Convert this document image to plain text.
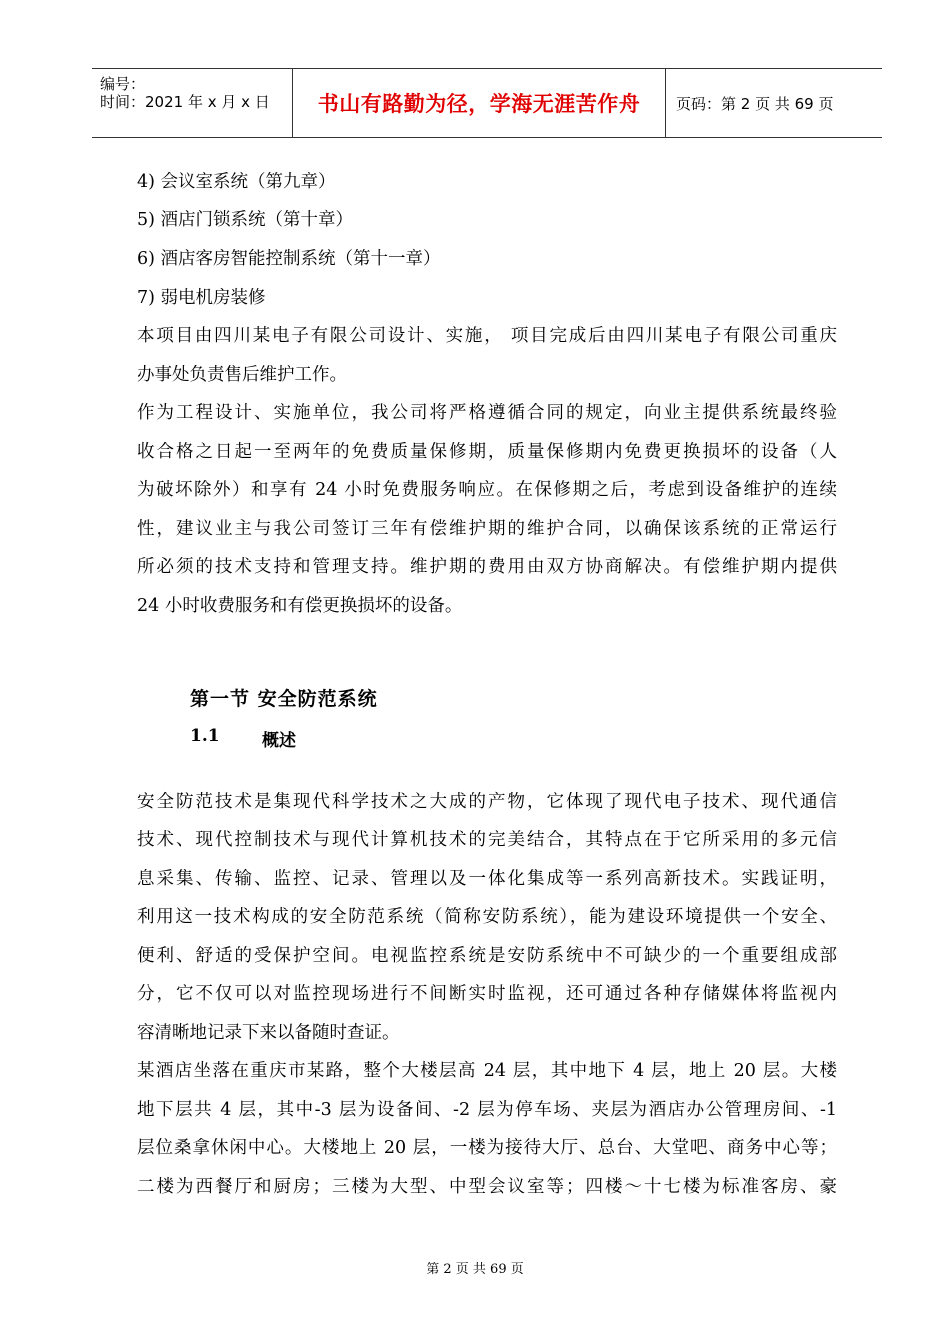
编号：
时间：2021 年 x 月 x 日 书山有路勤为径，学海无涯苦作舟 页码：第 2 页 共 69 页
4) 会议室系统（第九章）
5) 酒店门锁系统（第十章）
6) 酒店客房智能控制系统（第十一章）
7) 弱电机房装修
本项目由四川某电子有限公司设计、实施， 项目完成后由四川某电子有限公司重庆
办事处负责售后维护工作。
作为工程设计、实施单位，我公司将严格遵循合同的规定，向业主提供系统最终验
收合格之日起一至两年的免费质量保修期，质量保修期内免费更换损坏的设备（人
为破坏除外）和享有 24 小时免费服务响应。在保修期之后，考虑到设备维护的连续
性，建议业主与我公司签订三年有偿维护期的维护合同，以确保该系统的正常运行
所必须的技术支持和管理支持。维护期的费用由双方协商解决。有偿维护期内提供
24 小时收费服务和有偿更换损坏的设备。
第一节 安全防范系统
1.1 概述
安全防范技术是集现代科学技术之大成的产物，它体现了现代电子技术、现代通信
技术、现代控制技术与现代计算机技术的完美结合，其特点在于它所采用的多元信
息采集、传输、监控、记录、管理以及一体化集成等一系列高新技术。实践证明，
利用这一技术构成的安全防范系统（简称安防系统），能为建设环境提供一个安全、
便利、舒适的受保护空间。电视监控系统是安防系统中不可缺少的一个重要组成部
分，它不仅可以对监控现场进行不间断实时监视，还可通过各种存储媒体将监视内
容清晰地记录下来以备随时查证。
某酒店坐落在重庆市某路，整个大楼层高 24 层，其中地下 4 层，地上 20 层。大楼
地下层共 4 层，其中-3 层为设备间、-2 层为停车场、夹层为酒店办公管理房间、-1
层位桑拿休闲中心。大楼地上 20 层，一楼为接待大厅、总台、大堂吧、商务中心等；
二楼为西餐厅和厨房；三楼为大型、中型会议室等；四楼～十七楼为标准客房、豪
第 2 页 共 69 页
